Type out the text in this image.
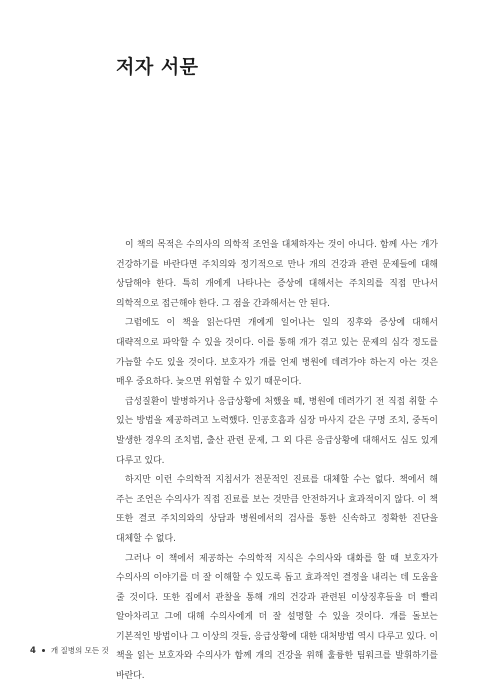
저자 서문

이 책의 목적은 수의사의 의학적 조언을 대체하자는 것이 아니다. 함께 사는 개가 건강하기를 바란다면 주치의와 정기적으로 만나 개의 건강과 관련 문제들에 대해 상담해야 한다. 특히 개에게 나타나는 증상에 대해서는 주치의를 직접 만나서 의학적으로 접근해야 한다. 그 점을 간과해서는 안 된다.

그럼에도 이 책을 읽는다면 개에게 일어나는 일의 징후와 증상에 대해서 대략적으로 파악할 수 있을 것이다. 이를 통해 개가 겪고 있는 문제의 심각 정도를 가늠할 수도 있을 것이다. 보호자가 개를 언제 병원에 데려가야 하는지 아는 것은 매우 중요하다. 늦으면 위험할 수 있기 때문이다.

급성질환이 발병하거나 응급상황에 처했을 때, 병원에 데려가기 전 직접 취할 수 있는 방법을 제공하려고 노력했다. 인공호흡과 심장 마사지 같은 구명 조치, 중독이 발생한 경우의 조치법, 출산 관련 문제, 그 외 다른 응급상황에 대해서도 심도 있게 다루고 있다.

하지만 이런 수의학적 지침서가 전문적인 진료를 대체할 수는 없다. 책에서 해 주는 조언은 수의사가 직접 진료를 보는 것만큼 안전하거나 효과적이지 않다. 이 책 또한 결코 주치의와의 상담과 병원에서의 검사를 통한 신속하고 정확한 진단을 대체할 수 없다.

그러나 이 책에서 제공하는 수의학적 지식은 수의사와 대화를 할 때 보호자가 수의사의 이야기를 더 잘 이해할 수 있도록 돕고 효과적인 결정을 내리는 데 도움을 줄 것이다. 또한 집에서 관찰을 통해 개의 건강과 관련된 이상징후들을 더 빨리 알아차리고 그에 대해 수의사에게 더 잘 설명할 수 있을 것이다. 개를 돌보는 기본적인 방법이나 그 이상의 것들, 응급상황에 대한 대처방법 역시 다루고 있다. 이 책을 읽는 보호자와 수의사가 함께 개의 건강을 위해 훌륭한 팀워크를 발휘하기를 바란다.

4 개 질병의 모든 것
